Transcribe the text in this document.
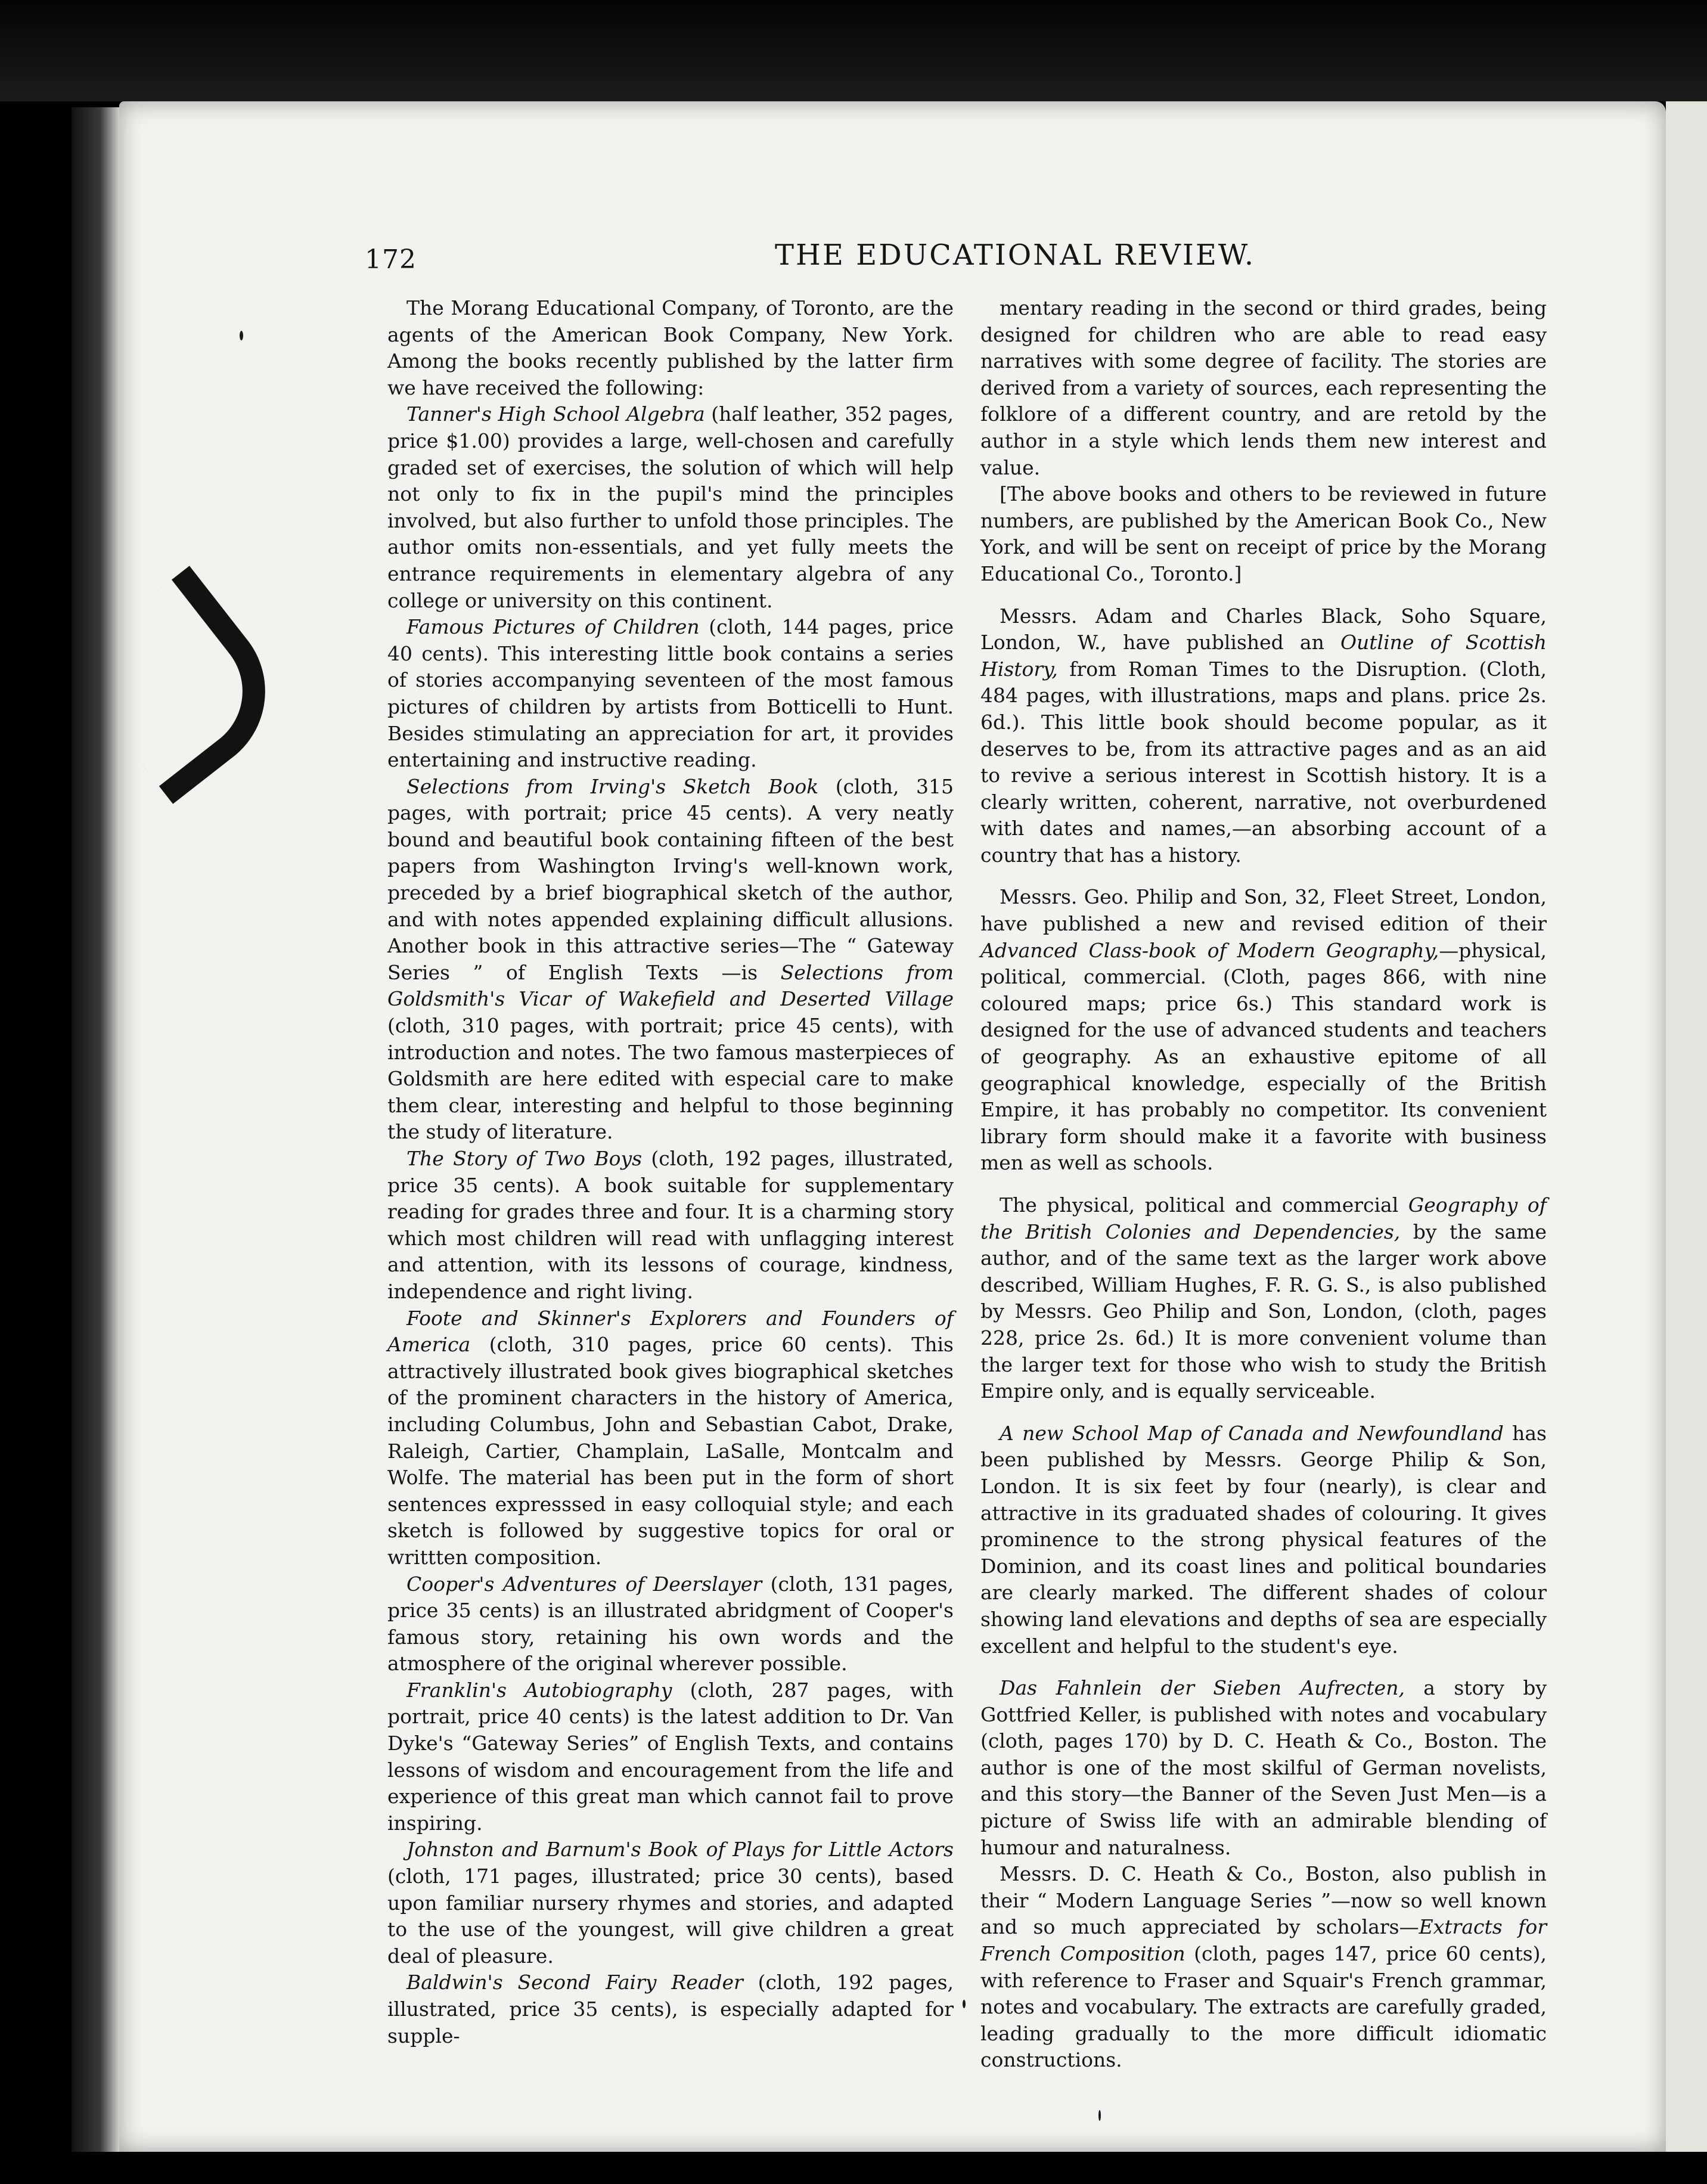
172	THE EDUCATIONAL REVIEW.

The Morang Educational Company, of Toronto, are the agents of the American Book Company, New York. Among the books recently published by the latter firm we have received the following:

Tanner's High School Algebra (half leather, 352 pages, price $1.00) provides a large, well-chosen and carefully graded set of exercises, the solution of which will help not only to fix in the pupil's mind the principles involved, but also further to unfold those principles. The author omits non-essentials, and yet fully meets the entrance requirements in elementary algebra of any college or university on this continent.

Famous Pictures of Children (cloth, 144 pages, price 40 cents). This interesting little book contains a series of stories accompanying seventeen of the most famous pictures of children by artists from Botticelli to Hunt. Besides stimulating an appreciation for art, it provides entertaining and instructive reading.

Selections from Irving's Sketch Book (cloth, 315 pages, with portrait; price 45 cents). A very neatly bound and beautiful book containing fifteen of the best papers from Washington Irving's well-known work, preceded by a brief biographical sketch of the author, and with notes appended explaining difficult allusions. Another book in this attractive series—The “ Gateway Series ” of English Texts —is Selections from Goldsmith's Vicar of Wakefield and Deserted Village (cloth, 310 pages, with portrait; price 45 cents), with introduction and notes. The two famous masterpieces of Goldsmith are here edited with especial care to make them clear, interesting and helpful to those beginning the study of literature.

The Story of Two Boys (cloth, 192 pages, illustrated, price 35 cents). A book suitable for supplementary reading for grades three and four. It is a charming story which most children will read with unflagging interest and attention, with its lessons of courage, kindness, independence and right living.

Foote and Skinner's Explorers and Founders of America (cloth, 310 pages, price 60 cents). This attractively illustrated book gives biographical sketches of the prominent characters in the history of America, including Columbus, John and Sebastian Cabot, Drake, Raleigh, Cartier, Champlain, LaSalle, Montcalm and Wolfe. The material has been put in the form of short sentences expresssed in easy colloquial style; and each sketch is followed by suggestive topics for oral or writtten composition.

Cooper's Adventures of Deerslayer (cloth, 131 pages, price 35 cents) is an illustrated abridgment of Cooper's famous story, retaining his own words and the atmosphere of the original wherever possible.

Franklin's Autobiography (cloth, 287 pages, with portrait, price 40 cents) is the latest addition to Dr. Van Dyke's “Gateway Series” of English Texts, and contains lessons of wisdom and encouragement from the life and experience of this great man which cannot fail to prove inspiring.

Johnston and Barnum's Book of Plays for Little Actors (cloth, 171 pages, illustrated; price 30 cents), based upon familiar nursery rhymes and stories, and adapted to the use of the youngest, will give children a great deal of pleasure.

Baldwin's Second Fairy Reader (cloth, 192 pages, illustrated, price 35 cents), is especially adapted for supple-

mentary reading in the second or third grades, being designed for children who are able to read easy narratives with some degree of facility. The stories are derived from a variety of sources, each representing the folklore of a different country, and are retold by the author in a style which lends them new interest and value.

[The above books and others to be reviewed in future numbers, are published by the American Book Co., New York, and will be sent on receipt of price by the Morang Educational Co., Toronto.]

Messrs. Adam and Charles Black, Soho Square, London, W., have published an Outline of Scottish History, from Roman Times to the Disruption. (Cloth, 484 pages, with illustrations, maps and plans. price 2s. 6d.). This little book should become popular, as it deserves to be, from its attractive pages and as an aid to revive a serious interest in Scottish history. It is a clearly written, coherent, narrative, not overburdened with dates and names,—an absorbing account of a country that has a history.

Messrs. Geo. Philip and Son, 32, Fleet Street, London, have published a new and revised edition of their Advanced Class-book of Modern Geography,—physical, political, commercial. (Cloth, pages 866, with nine coloured maps; price 6s.) This standard work is designed for the use of advanced students and teachers of geography. As an exhaustive epitome of all geographical knowledge, especially of the British Empire, it has probably no competitor. Its convenient library form should make it a favorite with business men as well as schools.

The physical, political and commercial Geography of the British Colonies and Dependencies, by the same author, and of the same text as the larger work above described, William Hughes, F. R. G. S., is also published by Messrs. Geo Philip and Son, London, (cloth, pages 228, price 2s. 6d.) It is more convenient volume than the larger text for those who wish to study the British Empire only, and is equally serviceable.

A new School Map of Canada and Newfoundland has been published by Messrs. George Philip & Son, London. It is six feet by four (nearly), is clear and attractive in its graduated shades of colouring. It gives prominence to the strong physical features of the Dominion, and its coast lines and political boundaries are clearly marked. The different shades of colour showing land elevations and depths of sea are especially excellent and helpful to the student's eye.

Das Fahnlein der Sieben Aufrecten, a story by Gottfried Keller, is published with notes and vocabulary (cloth, pages 170) by D. C. Heath & Co., Boston. The author is one of the most skilful of German novelists, and this story—the Banner of the Seven Just Men—is a picture of Swiss life with an admirable blending of humour and naturalness.

Messrs. D. C. Heath & Co., Boston, also publish in their “ Modern Language Series ”—now so well known and so much appreciated by scholars—Extracts for French Composition (cloth, pages 147, price 60 cents), with reference to Fraser and Squair's French grammar, notes and vocabulary. The extracts are carefully graded, leading gradually to the more difficult idiomatic constructions.
